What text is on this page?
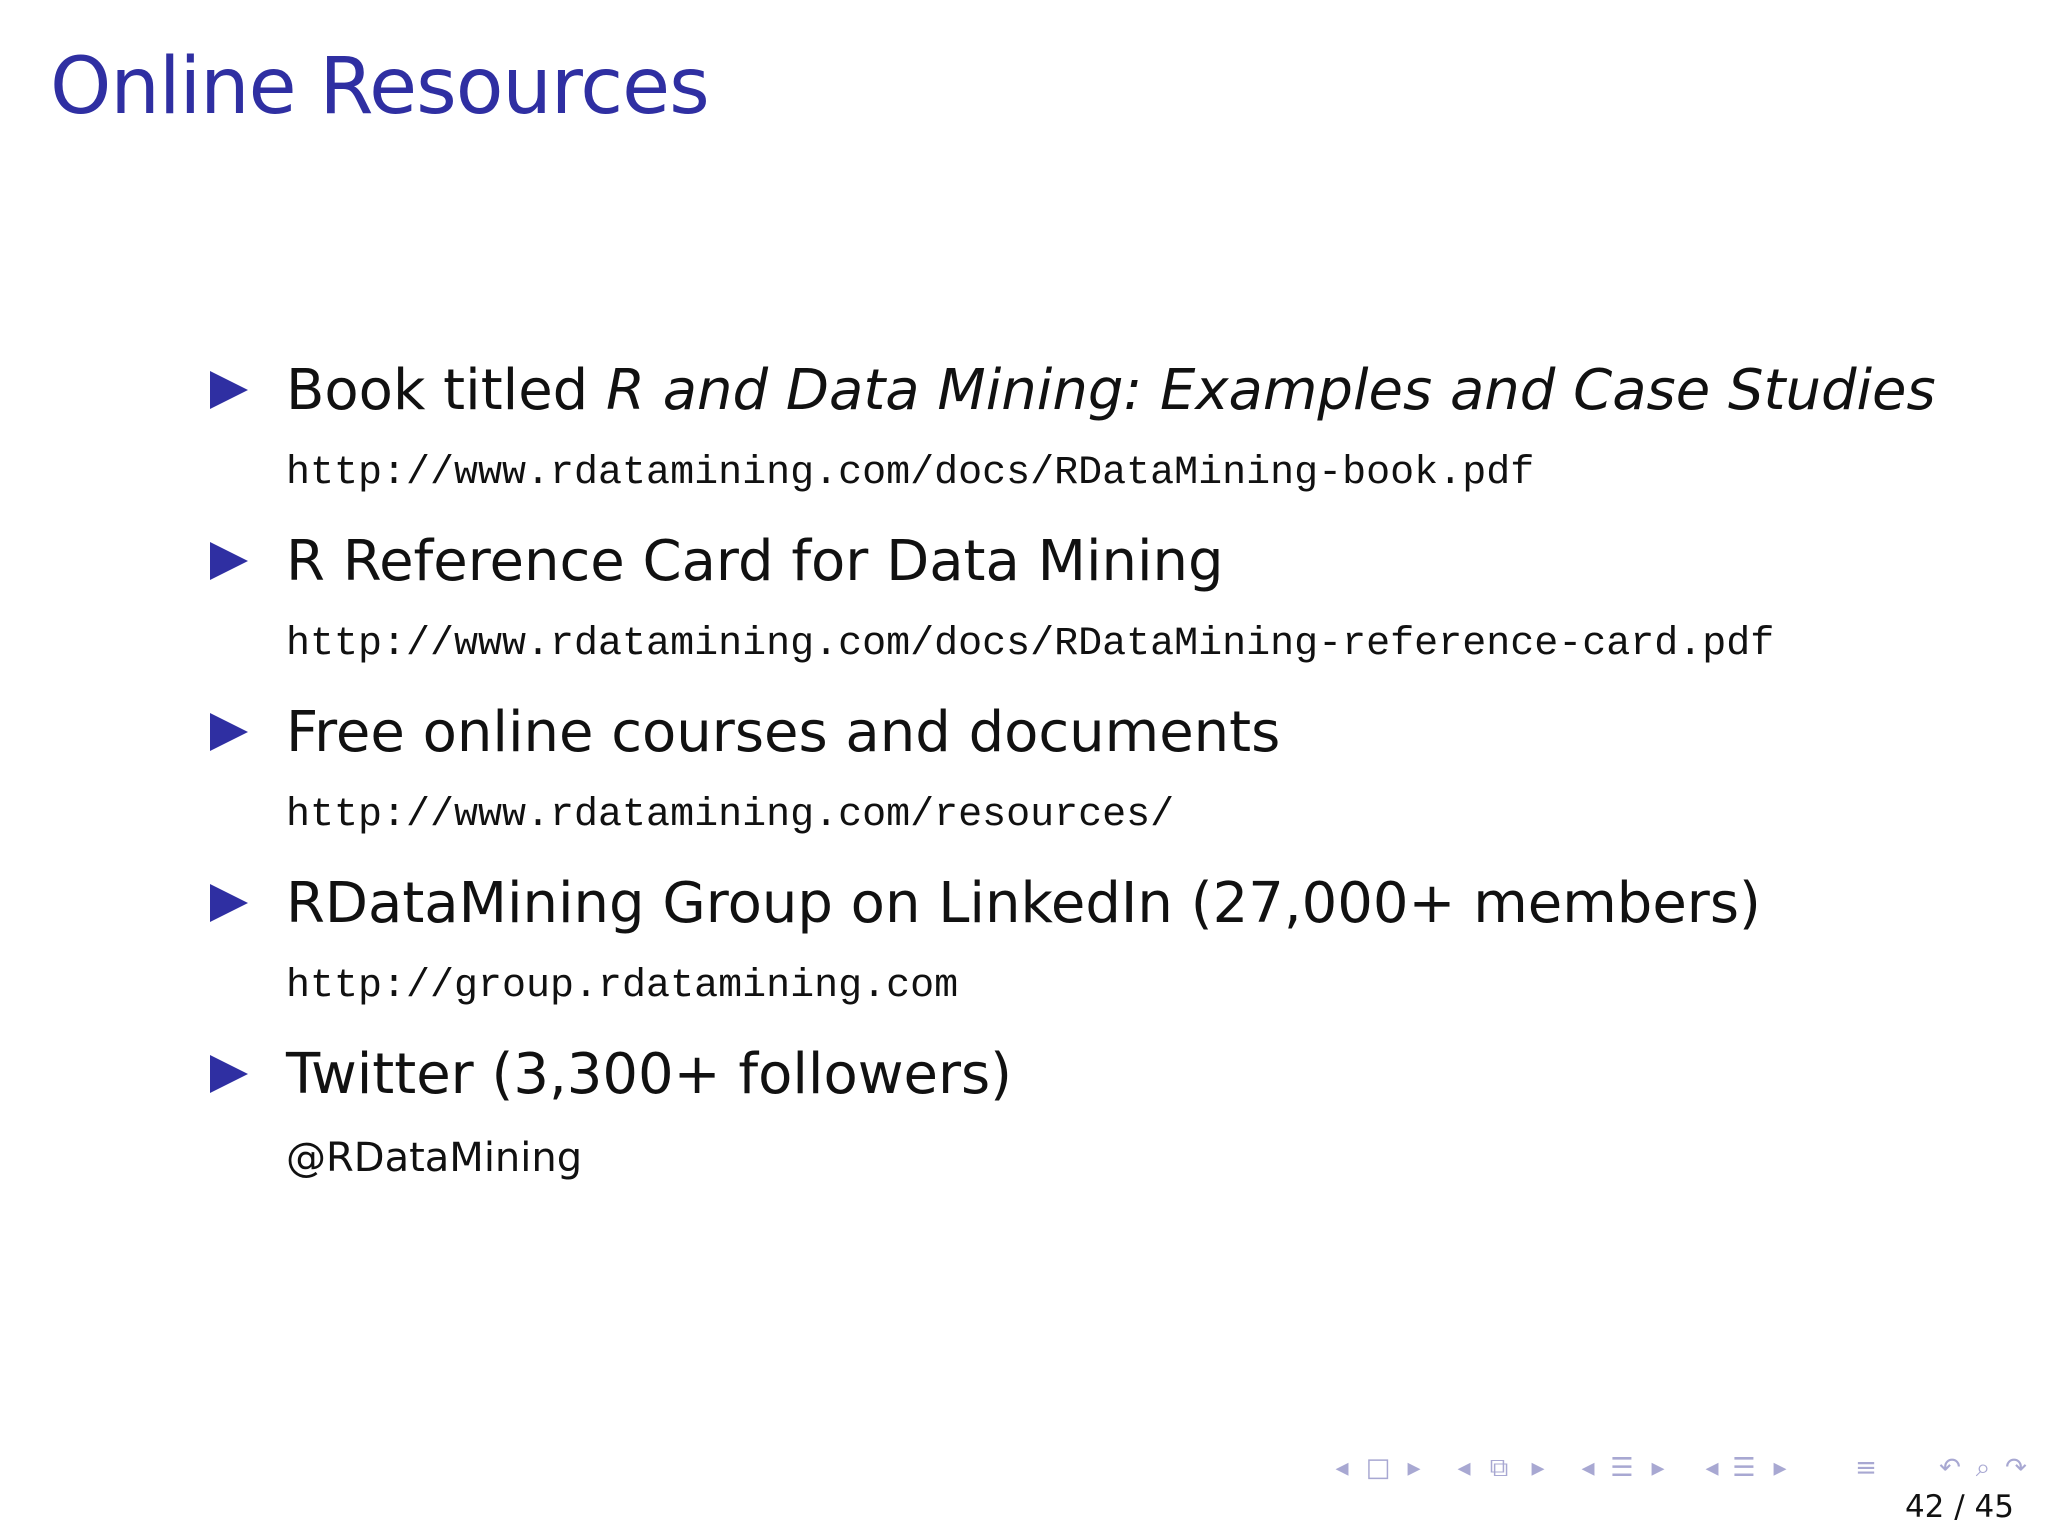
Online Resources
Book titled R and Data Mining: Examples and Case Studies
http://www.rdatamining.com/docs/RDataMining-book.pdf
R Reference Card for Data Mining
http://www.rdatamining.com/docs/RDataMining-reference-card.pdf
Free online courses and documents
http://www.rdatamining.com/resources/
RDataMining Group on LinkedIn (27,000+ members)
http://group.rdatamining.com
Twitter (3,300+ followers)
@RDataMining
◂ □ ▸ ◂ ⧉ ▸ ◂ ☰ ▸ ◂ ☰ ▸	≡ ↶ ⌕ ↷
42 / 45
